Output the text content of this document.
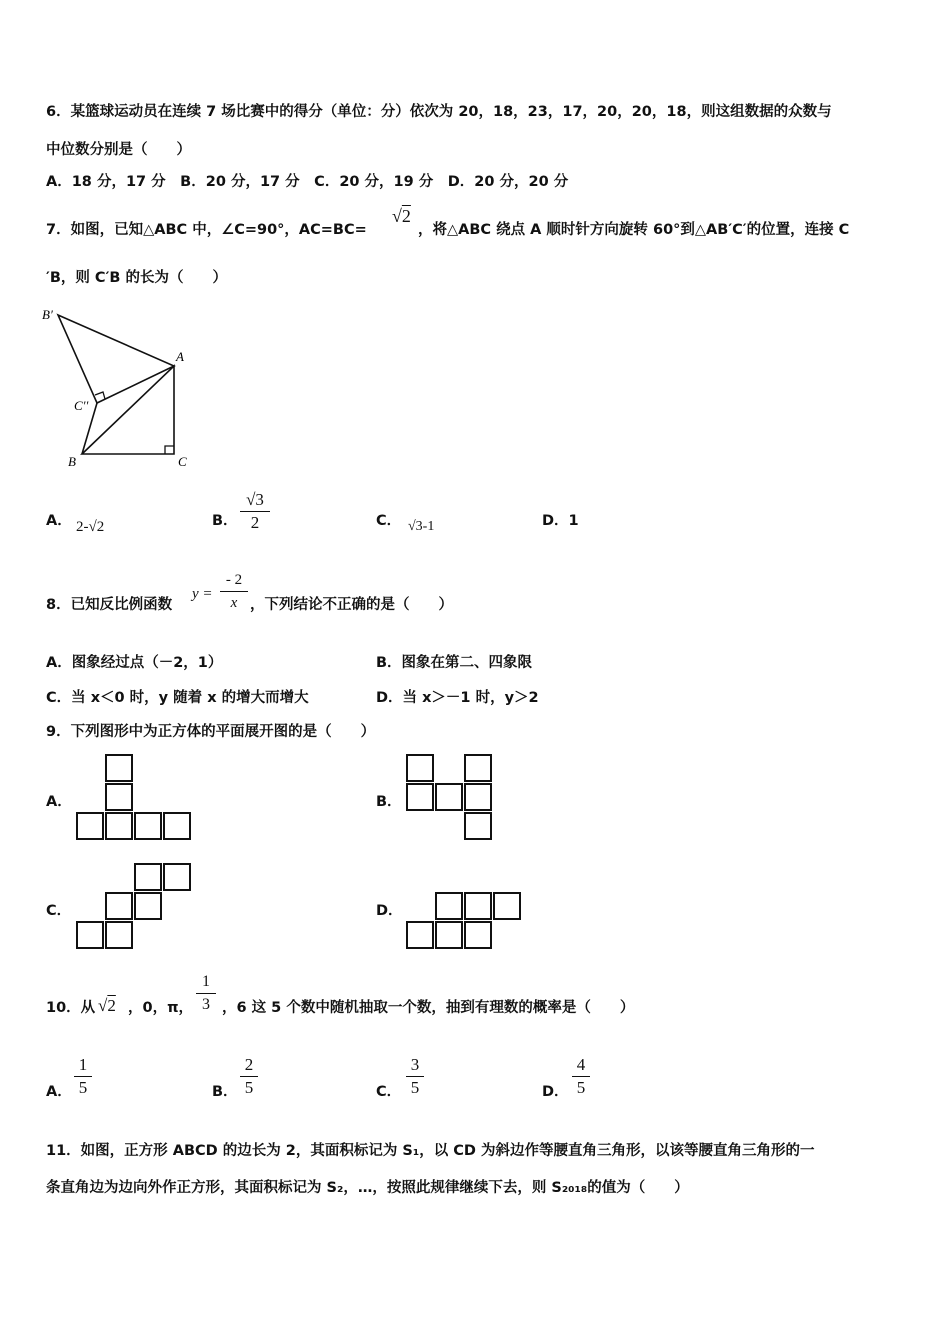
6．某篮球运动员在连续 7 场比赛中的得分（单位：分）依次为 20，18，23，17，20，20，18，则这组数据的众数与
中位数分别是（　　）
A．18 分，17 分　B．20 分，17 分　C．20 分，19 分　D．20 分，20 分
7．如图，已知△ABC 中，∠C=90°，AC=BC=
√2
，将△ABC 绕点 A 顺时针方向旋转 60°到△AB′C′的位置，连接 C
′B，则 C′B 的长为（　　）
B′
A
C′′
B	C
A． 2-√2	B．
√3
2	C． √3-1	D．1
8．已知反比例函数
y =
- 2
x ，下列结论不正确的是（　　）
A．图象经过点（－2，1）	B．图象在第二、四象限
C．当 x＜0 时，y 随着 x 的增大而增大	D．当 x＞－1 时，y＞2
9．下列图形中为正方体的平面展开图的是（　　）
A．	B．
C．	D．
10．从 √2 ，0，π，
1
3 ，6 这 5 个数中随机抽取一个数，抽到有理数的概率是（　　）
A．
1
5	B．
2
5	C．
3
5	D．
4
5
11．如图，正方形 ABCD 的边长为 2，其面积标记为 S₁，以 CD 为斜边作等腰直角三角形，以该等腰直角三角形的一
条直角边为边向外作正方形，其面积标记为 S₂，…，按照此规律继续下去，则 S₂₀₁₈的值为（　　）
